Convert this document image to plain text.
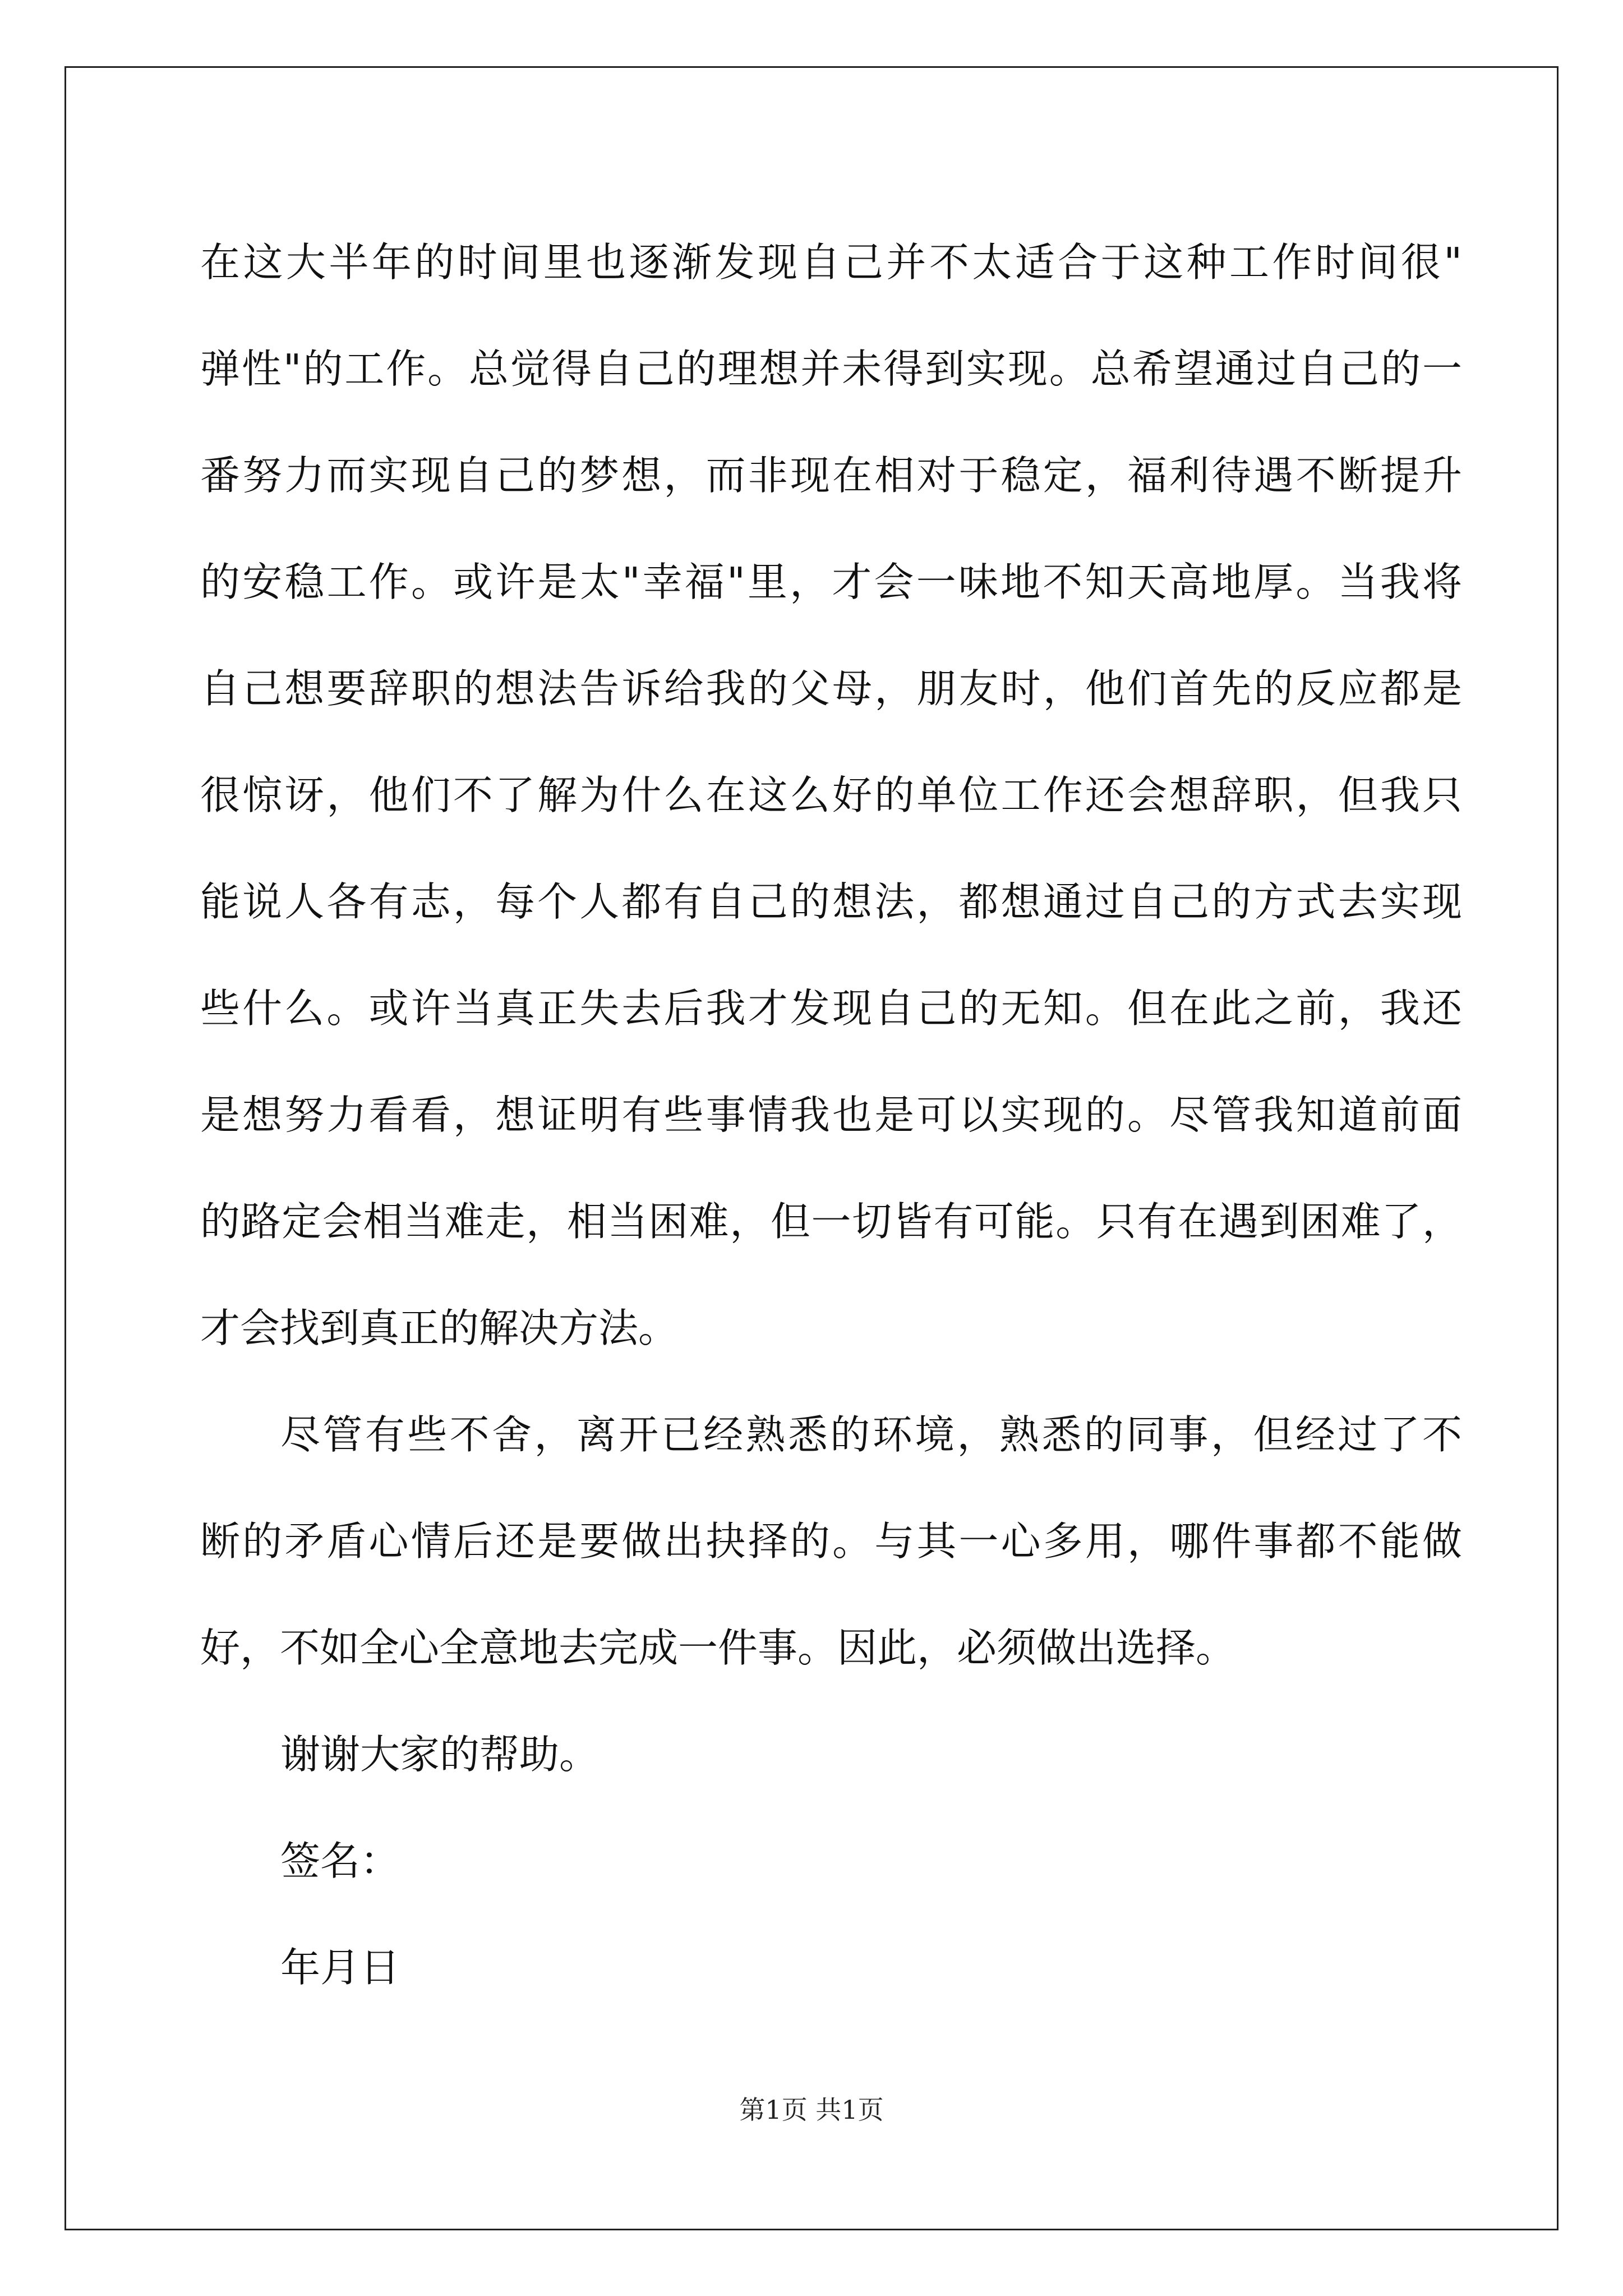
在这大半年的时间里也逐渐发现自己并不太适合于这种工作时间很"
弹性"的工作。总觉得自己的理想并未得到实现。总希望通过自己的一
番努力而实现自己的梦想，而非现在相对于稳定，福利待遇不断提升
的安稳工作。或许是太"幸福"里，才会一味地不知天高地厚。当我将
自己想要辞职的想法告诉给我的父母，朋友时，他们首先的反应都是
很惊讶，他们不了解为什么在这么好的单位工作还会想辞职，但我只
能说人各有志，每个人都有自己的想法，都想通过自己的方式去实现
些什么。或许当真正失去后我才发现自己的无知。但在此之前，我还
是想努力看看，想证明有些事情我也是可以实现的。尽管我知道前面
的路定会相当难走，相当困难，但一切皆有可能。只有在遇到困难了，
才会找到真正的解决方法。
尽管有些不舍，离开已经熟悉的环境，熟悉的同事，但经过了不
断的矛盾心情后还是要做出抉择的。与其一心多用，哪件事都不能做
好，不如全心全意地去完成一件事。因此，必须做出选择。
谢谢大家的帮助。
签名：
年月日
第1页 共1页
